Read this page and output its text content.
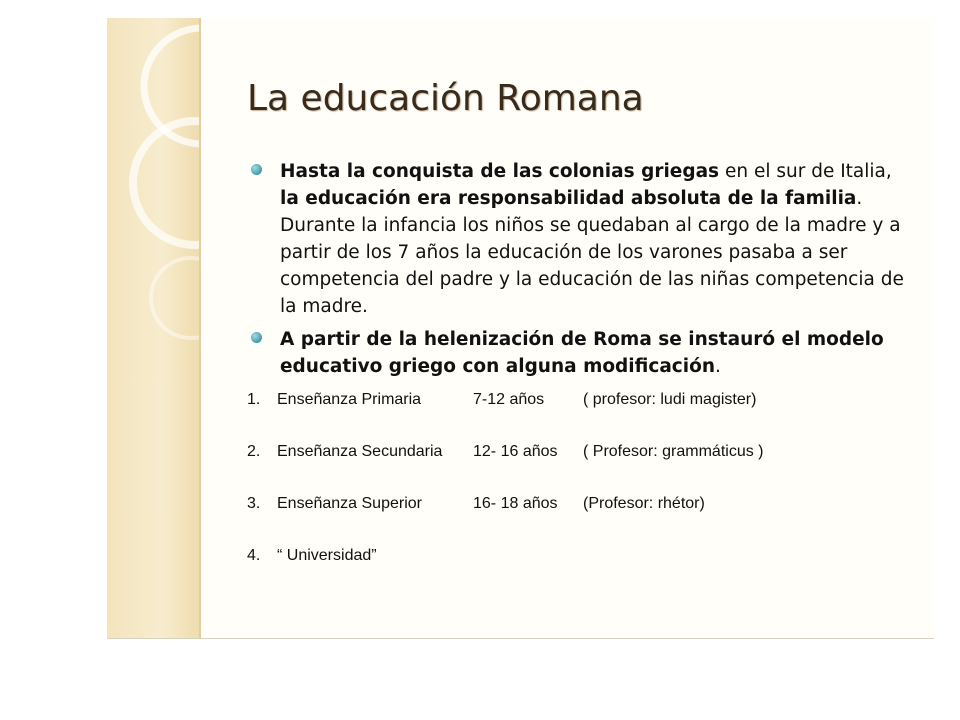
La educación Romana

Hasta la conquista de las colonias griegas en el sur de Italia, la educación era responsabilidad absoluta de la familia. Durante la infancia los niños se quedaban al cargo de la madre y a partir de los 7 años la educación de los varones pasaba a ser competencia del padre y la educación de las niñas competencia de la madre.

A partir de la helenización de Roma se instauró el modelo educativo griego con alguna modificación.

1.	Enseñanza Primaria	7-12 años	( profesor: ludi magister)
2.	Enseñanza Secundaria	12- 16 años	( Profesor: grammáticus )
3.	Enseñanza Superior	16- 18 años	(Profesor: rhétor)
4.	“ Universidad”
